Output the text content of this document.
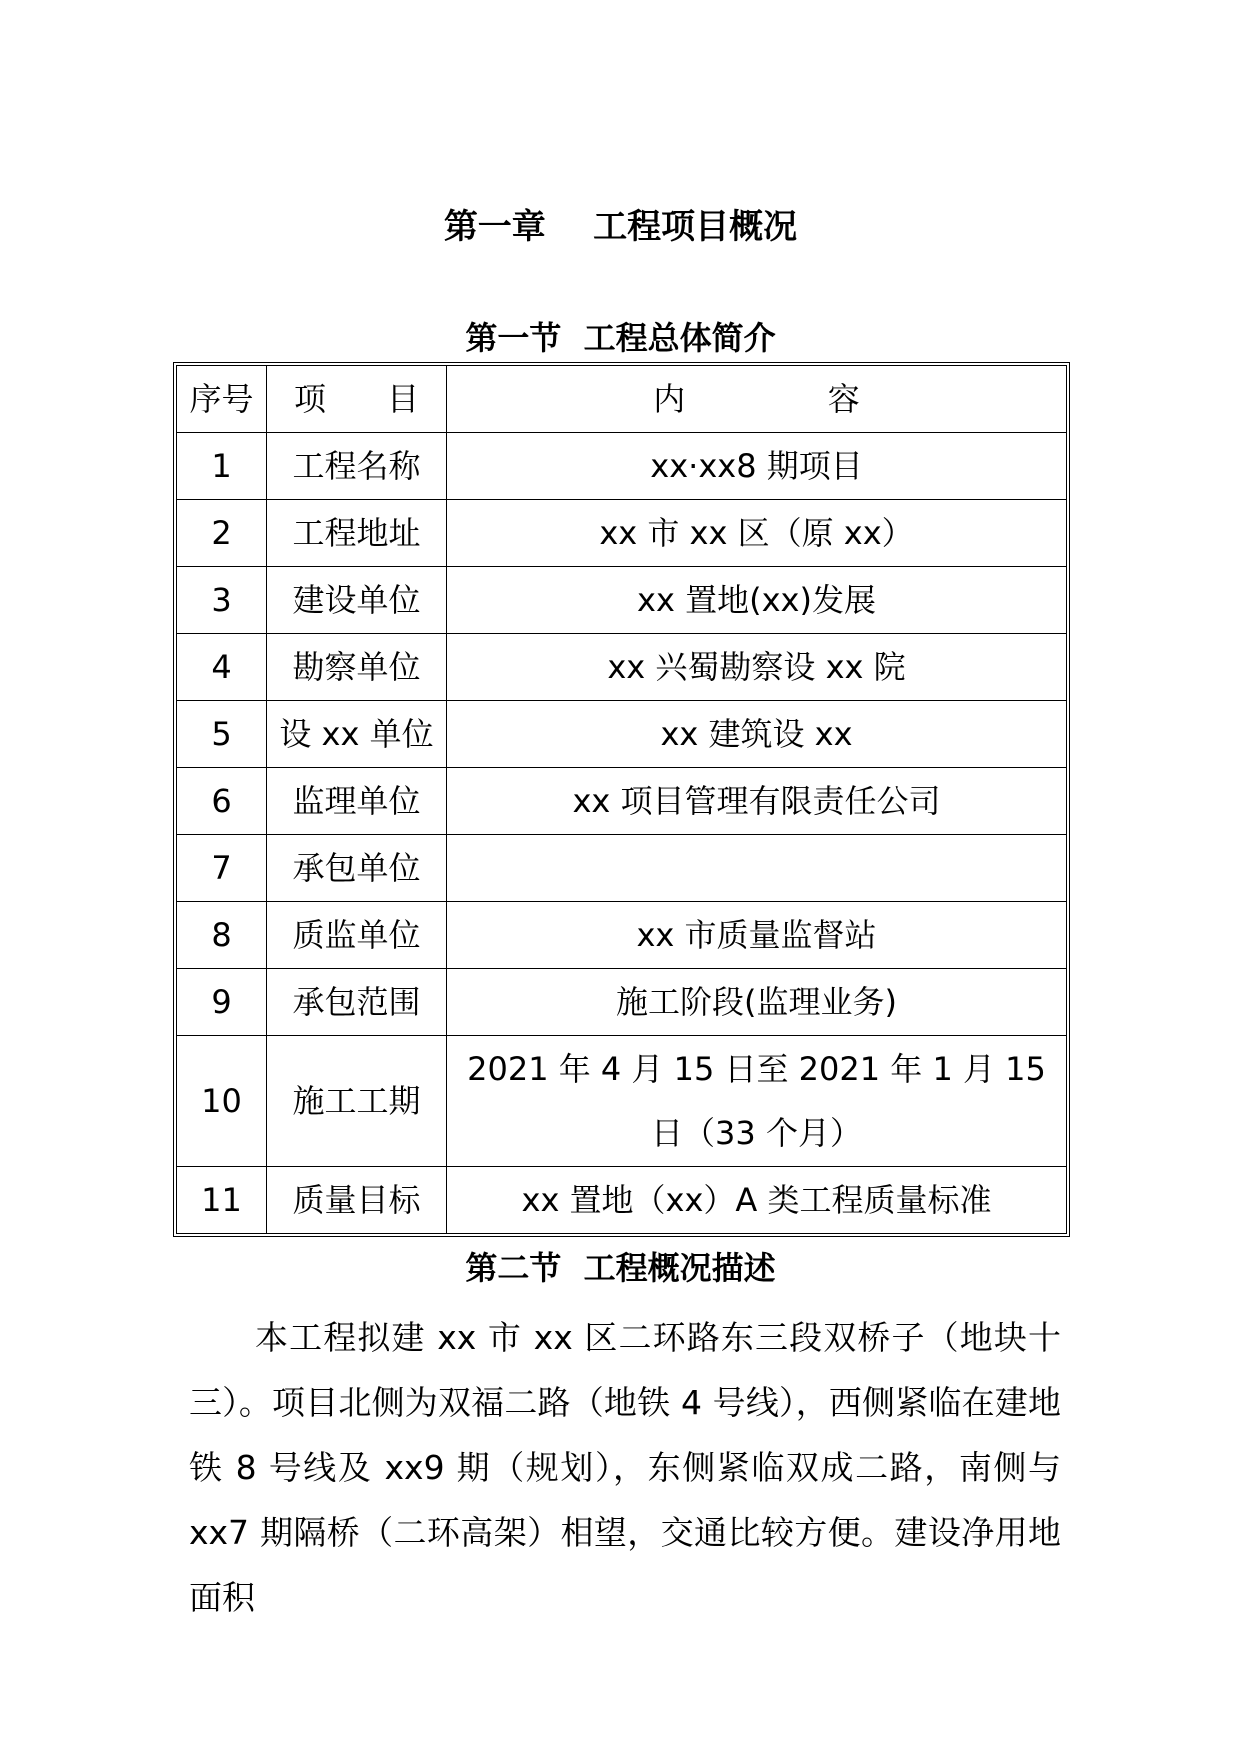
第一章    工程项目概况
第一节  工程总体简介
序号	项      目	内              容
1	工程名称	xx·xx8 期项目
2	工程地址	xx 市 xx 区（原 xx）
3	建设单位	xx 置地(xx)发展
4	勘察单位	xx 兴蜀勘察设 xx 院
5	设 xx 单位	xx 建筑设 xx
6	监理单位	xx 项目管理有限责任公司
7	承包单位	
8	质监单位	xx 市质量监督站
9	承包范围	施工阶段(监理业务)
10	施工工期	2021 年 4 月 15 日至 2021 年 1 月 15 日（33 个月）
11	质量目标	xx 置地（xx）A 类工程质量标准
第二节  工程概况描述

本工程拟建 xx 市 xx 区二环路东三段双桥子（地块十三）。项目北侧为双福二路（地铁 4 号线），西侧紧临在建地铁 8 号线及 xx9 期（规划），东侧紧临双成二路，南侧与 xx7 期隔桥（二环高架）相望，交通比较方便。建设净用地面积
